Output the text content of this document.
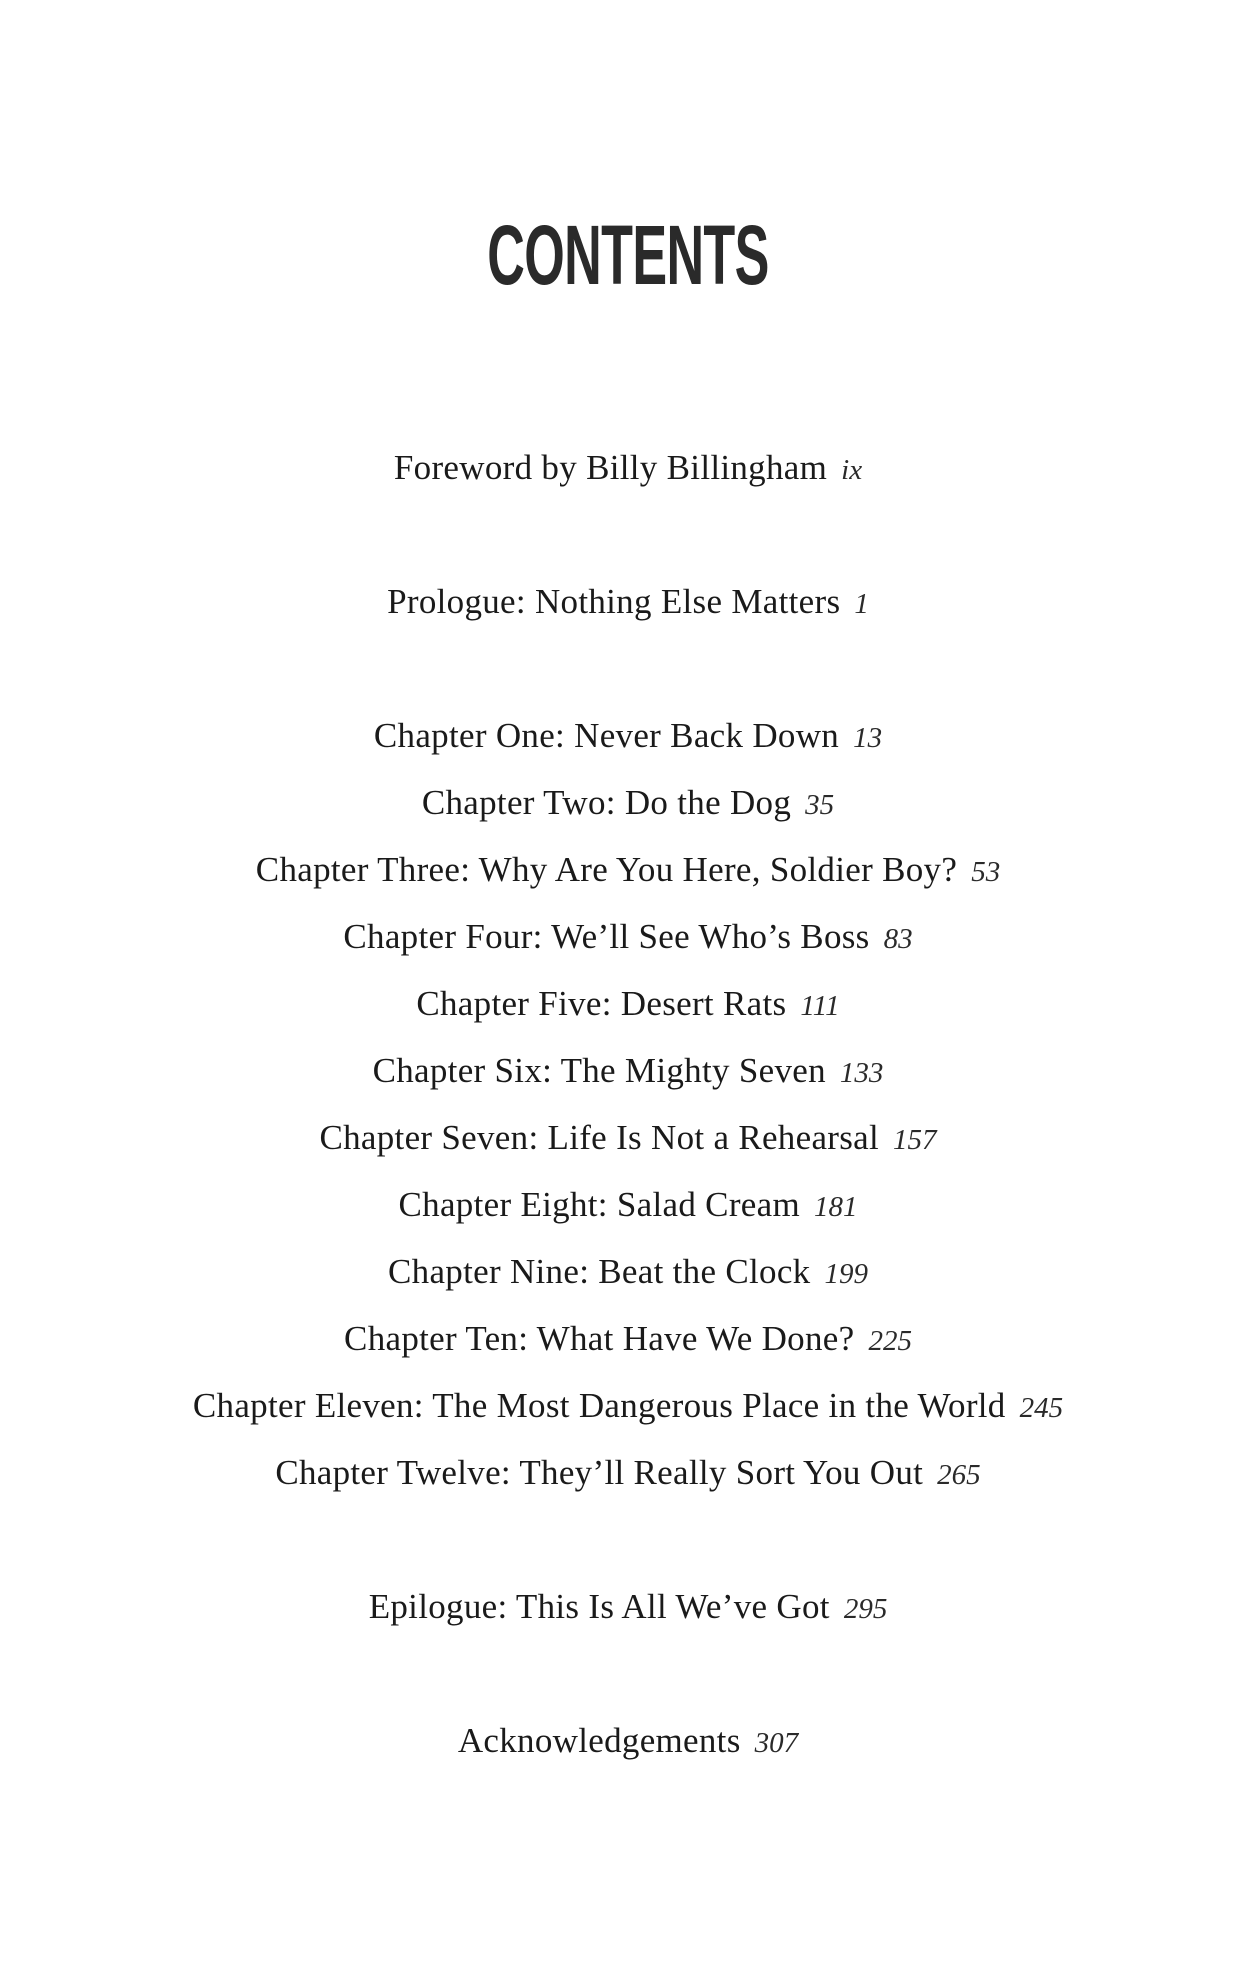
CONTENTS
Foreword by Billy Billingham ix
Prologue: Nothing Else Matters 1
Chapter One: Never Back Down 13
Chapter Two: Do the Dog 35
Chapter Three: Why Are You Here, Soldier Boy? 53
Chapter Four: We’ll See Who’s Boss 83
Chapter Five: Desert Rats 111
Chapter Six: The Mighty Seven 133
Chapter Seven: Life Is Not a Rehearsal 157
Chapter Eight: Salad Cream 181
Chapter Nine: Beat the Clock 199
Chapter Ten: What Have We Done? 225
Chapter Eleven: The Most Dangerous Place in the World 245
Chapter Twelve: They’ll Really Sort You Out 265
Epilogue: This Is All We’ve Got 295
Acknowledgements 307
